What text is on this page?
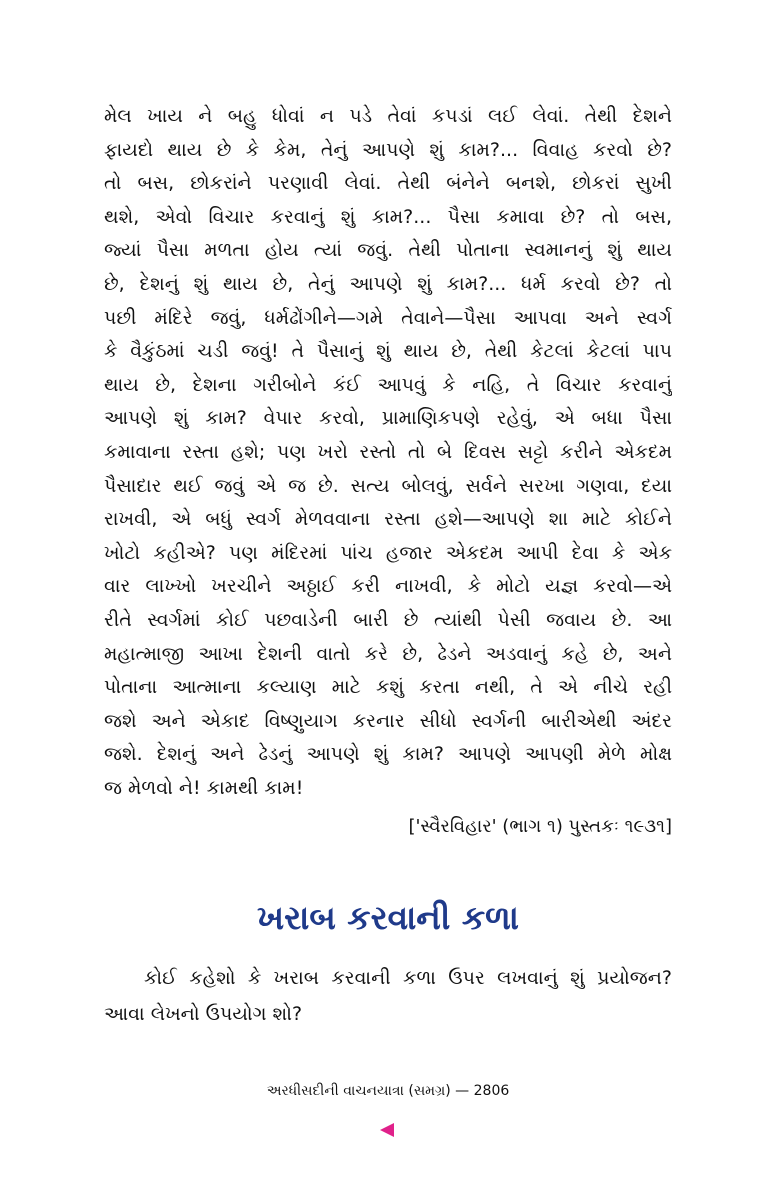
મેલ ખાય ને બહુ ધોવાં ન પડે તેવાં કપડાં લઈ લેવાં. તેથી દેશને
ફાયદો થાય છે કે કેમ, તેનું આપણે શું કામ?... વિવાહ કરવો છે?
તો બસ, છોકરાંને પરણાવી લેવાં. તેથી બંનેને બનશે, છોકરાં સુખી
થશે, એવો વિચાર કરવાનું શું કામ?... પૈસા કમાવા છે? તો બસ,
જ્યાં પૈસા મળતા હોય ત્યાં જવું. તેથી પોતાના સ્વમાનનું શું થાય
છે, દેશનું શું થાય છે, તેનું આપણે શું કામ?... ધર્મ કરવો છે? તો
પછી મંદિરે જવું, ધર્મઢોંગીને—ગમે તેવાને—પૈસા આપવા અને સ્વર્ગ
કે વૈકુંઠમાં ચડી જવું! તે પૈસાનું શું થાય છે, તેથી કેટલાં કેટલાં પાપ
થાય છે, દેશના ગરીબોને કંઈ આપવું કે નહિ, તે વિચાર કરવાનું
આપણે શું કામ? વેપાર કરવો, પ્રામાણિકપણે રહેવું, એ બધા પૈસા
કમાવાના રસ્તા હશે; પણ ખરો રસ્તો તો બે દિવસ સટ્ટો કરીને એકદમ
પૈસાદાર થઈ જવું એ જ છે. સત્ય બોલવું, સર્વને સરખા ગણવા, દયા
રાખવી, એ બધું સ્વર્ગ મેળવવાના રસ્તા હશે—આપણે શા માટે કોઈને
ખોટો કહીએ? પણ મંદિરમાં પાંચ હજાર એકદમ આપી દેવા કે એક
વાર લાખ્ખો ખરચીને અઠ્ઠાઈ કરી નાખવી, કે મોટો યજ્ઞ કરવો—એ
રીતે સ્વર્ગમાં કોઈ પછવાડેની બારી છે ત્યાંથી પેસી જવાય છે. આ
મહાત્માજી આખા દેશની વાતો કરે છે, ઢેડને અડવાનું કહે છે, અને
પોતાના આત્માના કલ્યાણ માટે કશું કરતા નથી, તે એ નીચે રહી
જશે અને એકાદ વિષ્ણુયાગ કરનાર સીધો સ્વર્ગની બારીએથી અંદર
જશે. દેશનું અને ઢેડનું આપણે શું કામ? આપણે આપણી મેળે મોક્ષ
જ મેળવો ને! કામથી કામ!
['સ્વૈરવિહાર' (ભાગ ૧) પુસ્તકઃ ૧૯૩૧]
ખરાબ કરવાની કળા
કોઈ કહેશો કે ખરાબ કરવાની કળા ઉપર લખવાનું શું પ્રયોજન?
આવા લેખનો ઉપયોગ શો?
અરધીસદીની વાચનયાત્રા (સમગ્ર) — 2806
